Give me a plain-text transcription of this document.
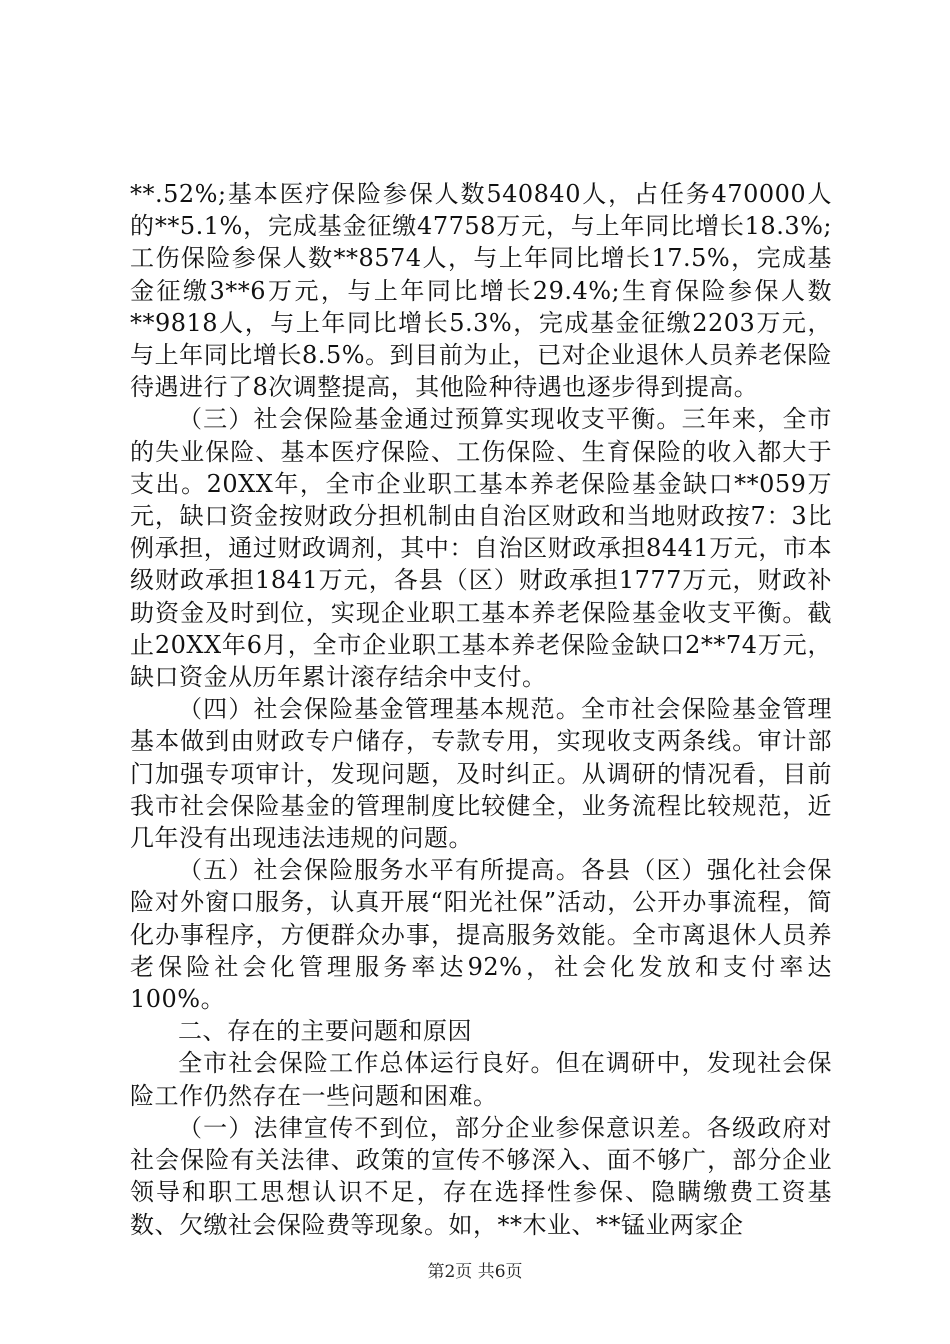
**.52%;基本医疗保险参保人数540840人，占任务470000人的**5.1%，完成基金征缴47758万元，与上年同比增长18.3%;工伤保险参保人数**8574人，与上年同比增长17.5%，完成基金征缴3**6万元，与上年同比增长29.4%;生育保险参保人数**9818人，与上年同比增长5.3%，完成基金征缴2203万元，与上年同比增长8.5%。到目前为止，已对企业退休人员养老保险待遇进行了8次调整提高，其他险种待遇也逐步得到提高。

（三）社会保险基金通过预算实现收支平衡。三年来，全市的失业保险、基本医疗保险、工伤保险、生育保险的收入都大于支出。20XX年，全市企业职工基本养老保险基金缺口**059万元，缺口资金按财政分担机制由自治区财政和当地财政按7：3比例承担，通过财政调剂，其中：自治区财政承担8441万元，市本级财政承担1841万元，各县（区）财政承担1777万元，财政补助资金及时到位，实现企业职工基本养老保险基金收支平衡。截止20XX年6月，全市企业职工基本养老保险金缺口2**74万元，缺口资金从历年累计滚存结余中支付。

（四）社会保险基金管理基本规范。全市社会保险基金管理基本做到由财政专户储存，专款专用，实现收支两条线。审计部门加强专项审计，发现问题，及时纠正。从调研的情况看，目前我市社会保险基金的管理制度比较健全，业务流程比较规范，近几年没有出现违法违规的问题。

（五）社会保险服务水平有所提高。各县（区）强化社会保险对外窗口服务，认真开展“阳光社保”活动，公开办事流程，简化办事程序，方便群众办事，提高服务效能。全市离退休人员养老保险社会化管理服务率达92%，社会化发放和支付率达100%。

二、存在的主要问题和原因

全市社会保险工作总体运行良好。但在调研中，发现社会保险工作仍然存在一些问题和困难。

（一）法律宣传不到位，部分企业参保意识差。各级政府对社会保险有关法律、政策的宣传不够深入、面不够广，部分企业领导和职工思想认识不足，存在选择性参保、隐瞒缴费工资基数、欠缴社会保险费等现象。如，**木业、**锰业两家企

第2页 共6页
